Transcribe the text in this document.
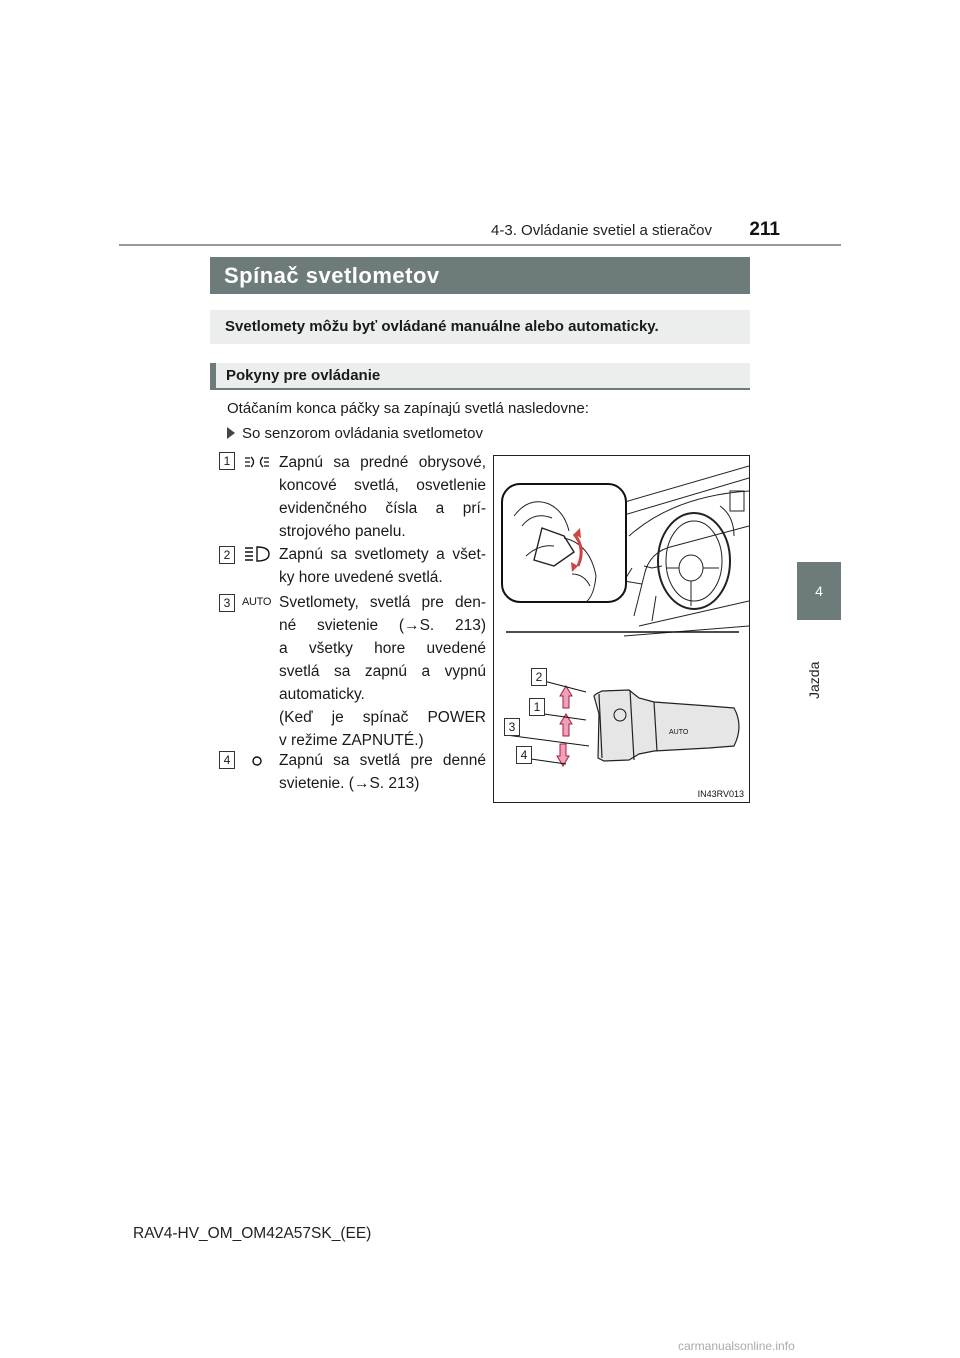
4-3. Ovládanie svetiel a stieračov	211
4
Jazda
Spínač svetlometov
Svetlomety môžu byť ovládané manuálne alebo automaticky.
Pokyny pre ovládanie
Otáčaním konca páčky sa zapínajú svetlá nasledovne:
So senzorom ovládania svetlometov
1	Zapnú sa predné obrysové,
koncové svetlá, osvetlenie
evidenčného čísla a prí-
strojového panelu.
2	Zapnú sa svetlomety a všet-
ky hore uvedené svetlá.
3	AUTO Svetlomety, svetlá pre den-
né svietenie (→S. 213)
a všetky hore uvedené
svetlá sa zapnú a vypnú
automaticky.
(Keď je spínač POWER
v režime ZAPNUTÉ.)
4	Zapnú sa svetlá pre denné
svietenie. (→S. 213)
AUTO
2
1
3
4
IN43RV013
RAV4-HV_OM_OM42A57SK_(EE)
carmanualsonline.info
